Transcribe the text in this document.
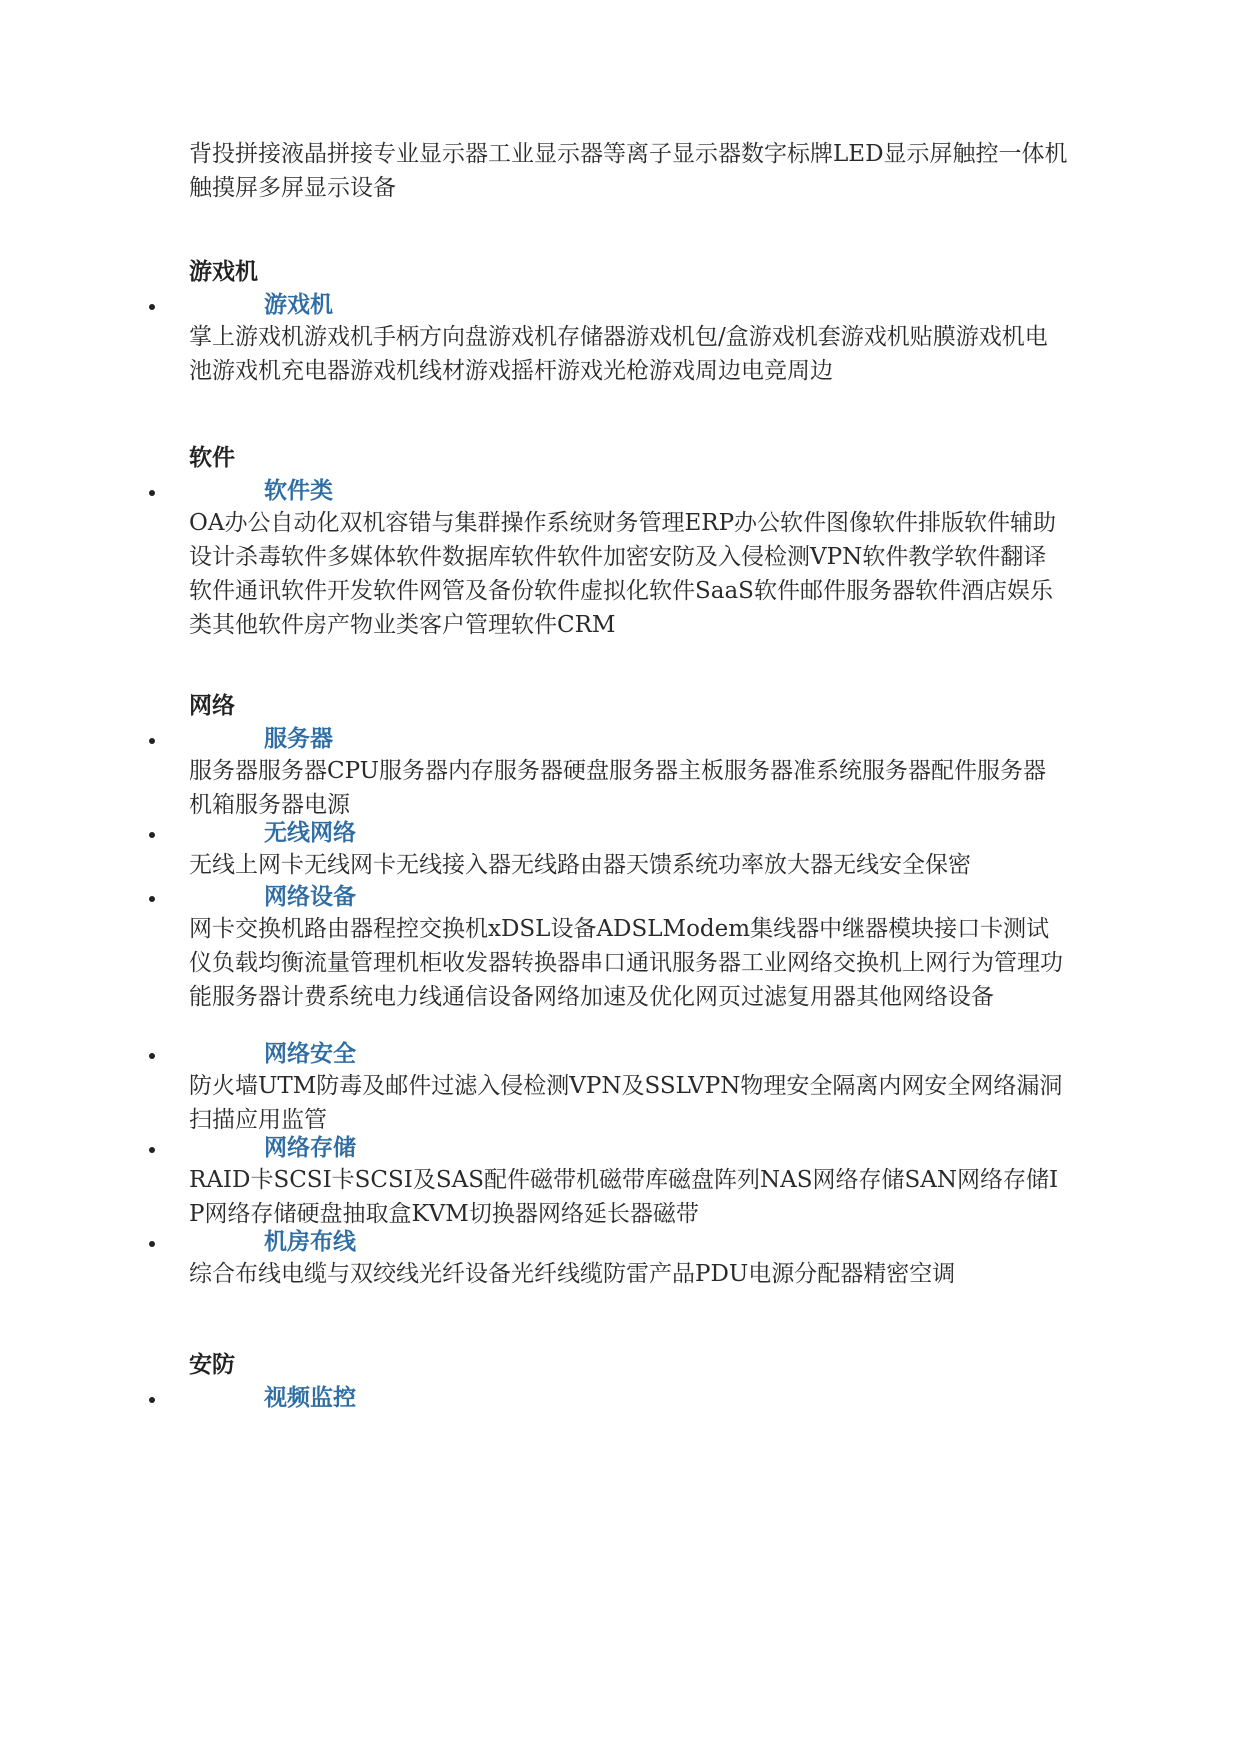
背投拼接液晶拼接专业显示器工业显示器等离子显示器数字标牌LED显示屏触控一体机触摸屏多屏显示设备

游戏机
游戏机

掌上游戏机游戏机手柄方向盘游戏机存储器游戏机包/盒游戏机套游戏机贴膜游戏机电池游戏机充电器游戏机线材游戏摇杆游戏光枪游戏周边电竞周边

软件
软件类

OA办公自动化双机容错与集群操作系统财务管理ERP办公软件图像软件排版软件辅助设计杀毒软件多媒体软件数据库软件软件加密安防及入侵检测VPN软件教学软件翻译软件通讯软件开发软件网管及备份软件虚拟化软件SaaS软件邮件服务器软件酒店娱乐类其他软件房产物业类客户管理软件CRM

网络
服务器

服务器服务器CPU服务器内存服务器硬盘服务器主板服务器准系统服务器配件服务器机箱服务器电源

无线网络

无线上网卡无线网卡无线接入器无线路由器天馈系统功率放大器无线安全保密

网络设备

网卡交换机路由器程控交换机xDSL设备ADSLModem集线器中继器模块接口卡测试仪负载均衡流量管理机柜收发器转换器串口通讯服务器工业网络交换机上网行为管理功能服务器计费系统电力线通信设备网络加速及优化网页过滤复用器其他网络设备

网络安全

防火墙UTM防毒及邮件过滤入侵检测VPN及SSLVPN物理安全隔离内网安全网络漏洞扫描应用监管

网络存储

RAID卡SCSI卡SCSI及SAS配件磁带机磁带库磁盘阵列NAS网络存储SAN网络存储IP网络存储硬盘抽取盒KVM切换器网络延长器磁带

机房布线

综合布线电缆与双绞线光纤设备光纤线缆防雷产品PDU电源分配器精密空调

安防
视频监控
